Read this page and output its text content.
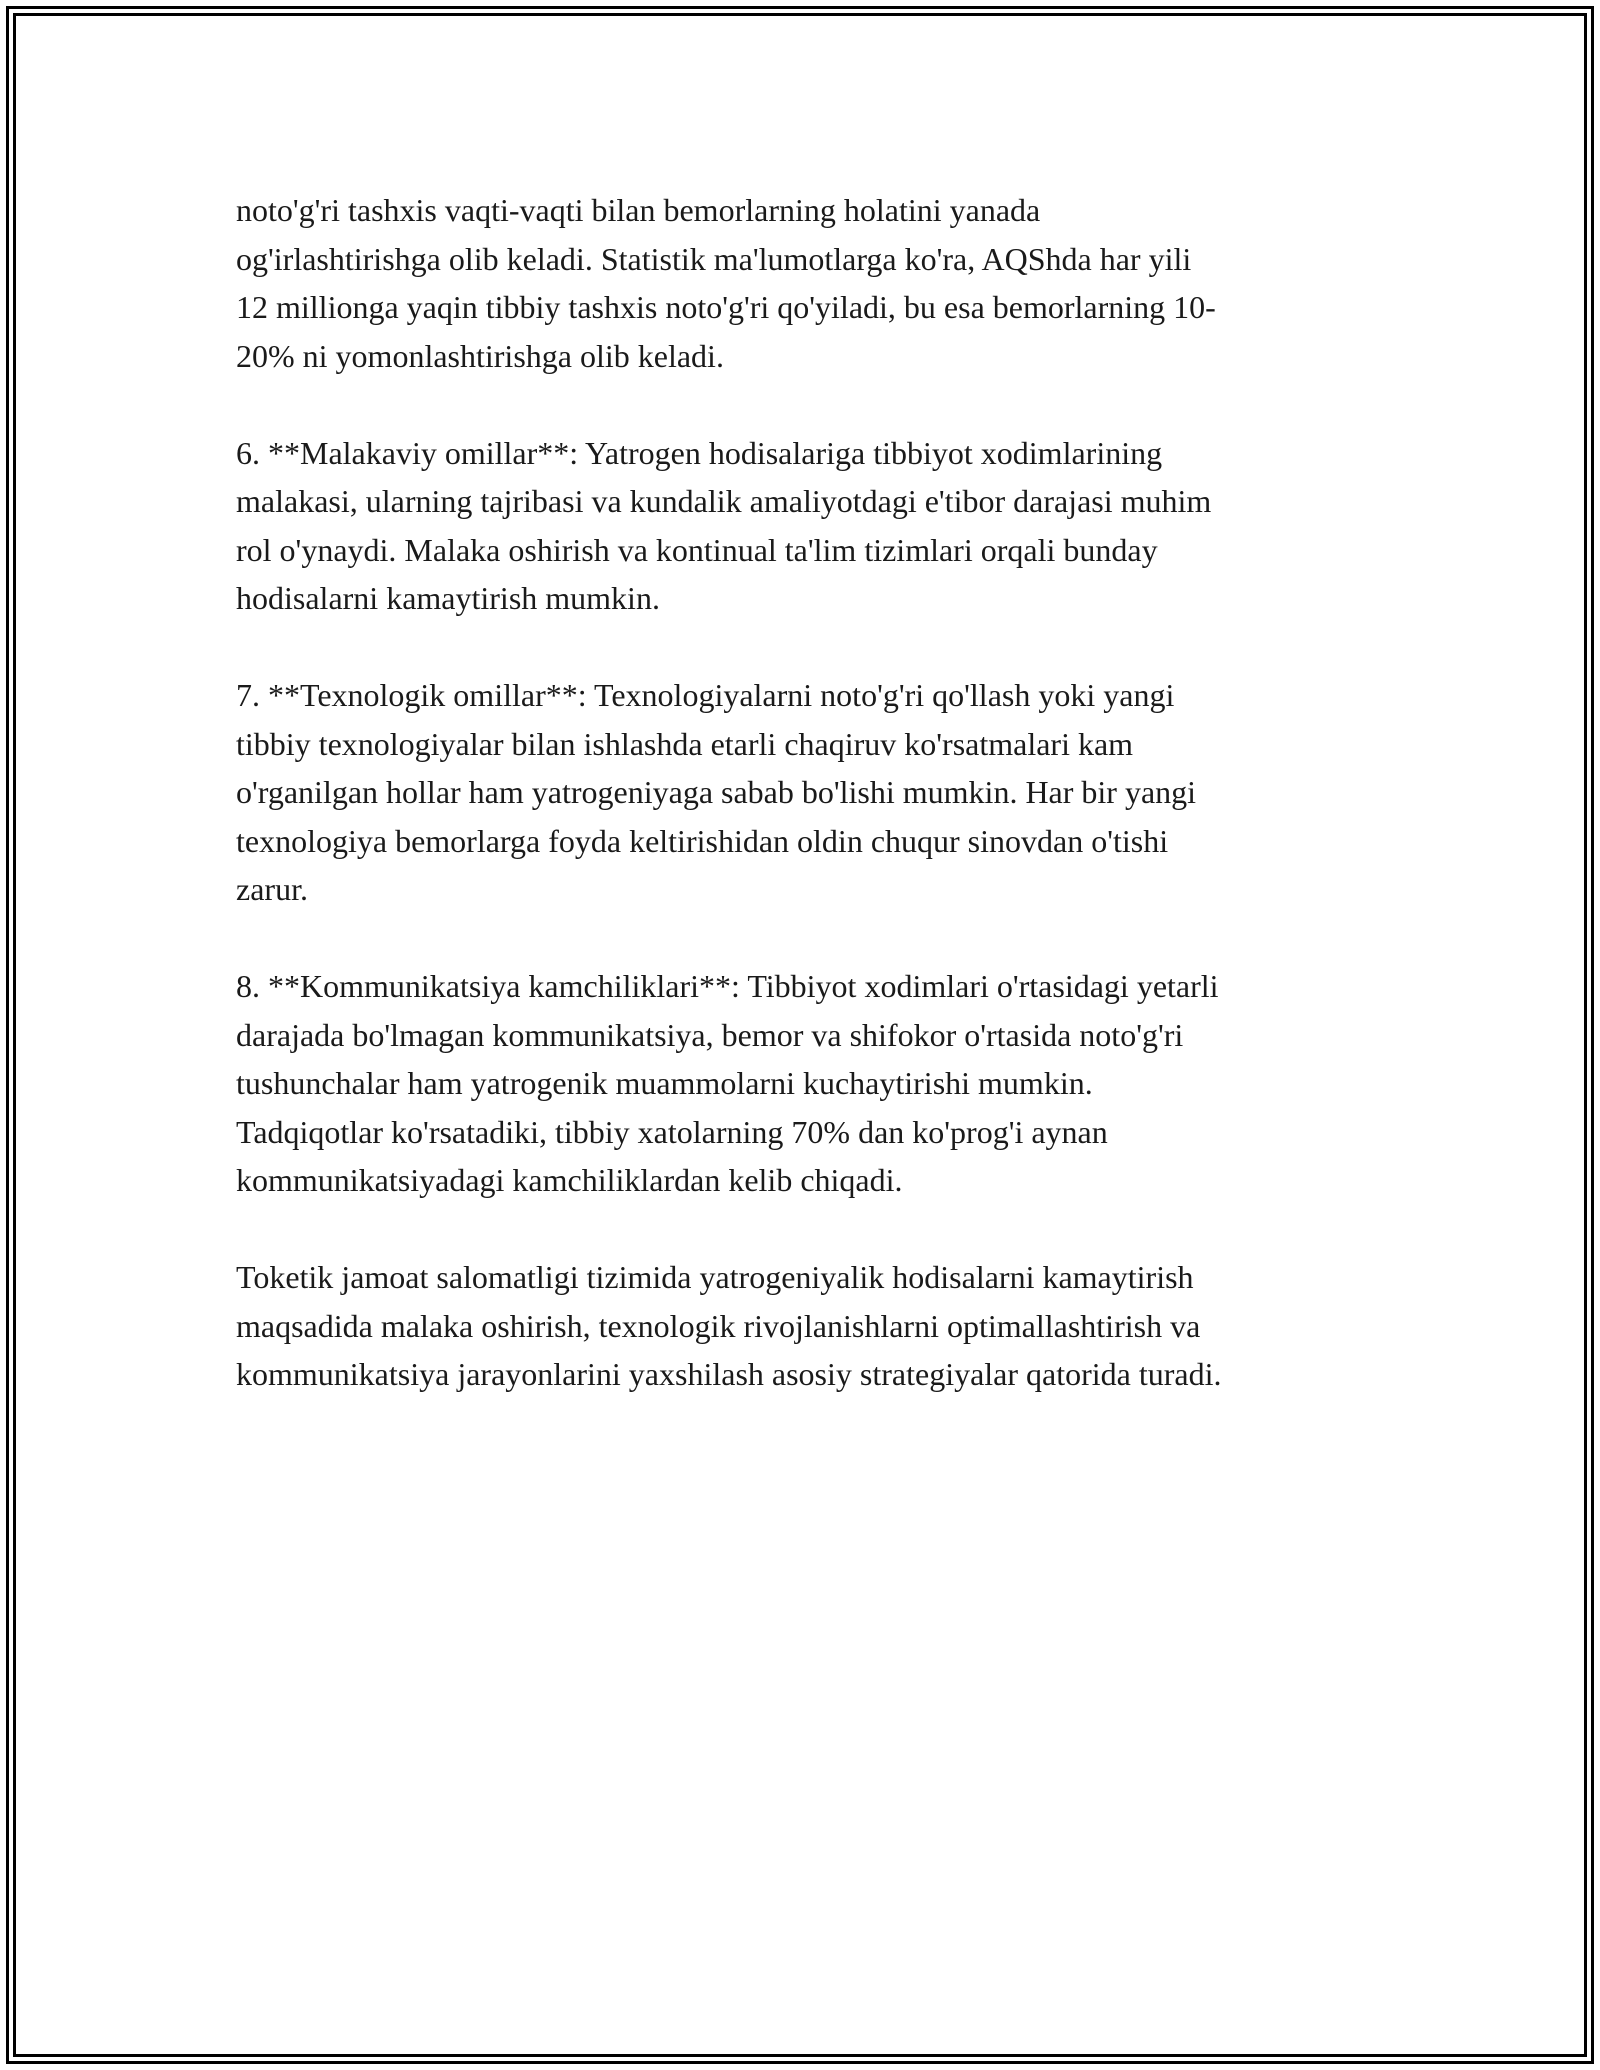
noto'g'ri tashxis vaqti-vaqti bilan bemorlarning holatini yanada
og'irlashtirishga olib keladi. Statistik ma'lumotlarga ko'ra, AQShda har yili
12 millionga yaqin tibbiy tashxis noto'g'ri qo'yiladi, bu esa bemorlarning 10-
20% ni yomonlashtirishga olib keladi.

6. **Malakaviy omillar**: Yatrogen hodisalariga tibbiyot xodimlarining
malakasi, ularning tajribasi va kundalik amaliyotdagi e'tibor darajasi muhim
rol o'ynaydi. Malaka oshirish va kontinual ta'lim tizimlari orqali bunday
hodisalarni kamaytirish mumkin.

7. **Texnologik omillar**: Texnologiyalarni noto'g'ri qo'llash yoki yangi
tibbiy texnologiyalar bilan ishlashda etarli chaqiruv ko'rsatmalari kam
o'rganilgan hollar ham yatrogeniyaga sabab bo'lishi mumkin. Har bir yangi
texnologiya bemorlarga foyda keltirishidan oldin chuqur sinovdan o'tishi
zarur.

8. **Kommunikatsiya kamchiliklari**: Tibbiyot xodimlari o'rtasidagi yetarli
darajada bo'lmagan kommunikatsiya, bemor va shifokor o'rtasida noto'g'ri
tushunchalar ham yatrogenik muammolarni kuchaytirishi mumkin.
Tadqiqotlar ko'rsatadiki, tibbiy xatolarning 70% dan ko'prog'i aynan
kommunikatsiyadagi kamchiliklardan kelib chiqadi.

Toketik jamoat salomatligi tizimida yatrogeniyalik hodisalarni kamaytirish
maqsadida malaka oshirish, texnologik rivojlanishlarni optimallashtirish va
kommunikatsiya jarayonlarini yaxshilash asosiy strategiyalar qatorida turadi.
